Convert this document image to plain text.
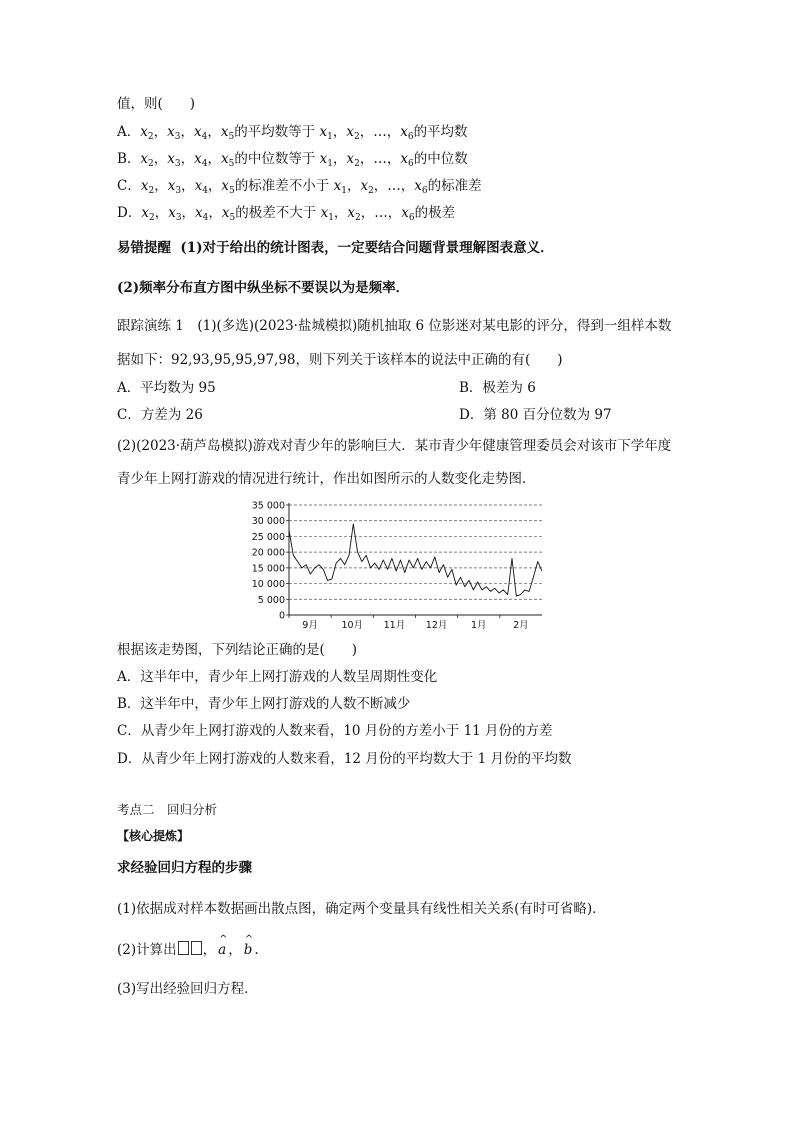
值，则(　　)
A．$x_2$，$x_3$，$x_4$，$x_5$的平均数等于 $x_1$，$x_2$，…，$x_6$的平均数
B．$x_2$，$x_3$，$x_4$，$x_5$的中位数等于 $x_1$，$x_2$，…，$x_6$的中位数
C．$x_2$，$x_3$，$x_4$，$x_5$的标准差不小于 $x_1$，$x_2$，…，$x_6$的标准差
D．$x_2$，$x_3$，$x_4$，$x_5$的极差不大于 $x_1$，$x_2$，…，$x_6$的极差
易错提醒 (1)对于给出的统计图表，一定要结合问题背景理解图表意义．
(2)频率分布直方图中纵坐标不要误以为是频率．
跟踪演练 1　(1)(多选)(2023·盐城模拟)随机抽取 6 位影迷对某电影的评分，得到一组样本数
据如下：92,93,95,95,97,98，则下列关于该样本的说法中正确的有(　　)
A．平均数为 95	B．极差为 6
C．方差为 26	D．第 80 百分位数为 97
(2)(2023·葫芦岛模拟)游戏对青少年的影响巨大．某市青少年健康管理委员会对该市下学年度
青少年上网打游戏的情况进行统计，作出如图所示的人数变化走势图．
0
5 000
10 000
15 000
20 000
25 000
30 000
35 000
9月 10月 11月 12月 1月	2月
根据该走势图，下列结论正确的是(　　)
A．这半年中，青少年上网打游戏的人数呈周期性变化
B．这半年中，青少年上网打游戏的人数不断减少
C．从青少年上网打游戏的人数来看，10 月份的方差小于 11 月份的方差
D．从青少年上网打游戏的人数来看，12 月份的平均数大于 1 月份的平均数
考点二　回归分析
【核心提炼】
求经验回归方程的步骤
(1)依据成对样本数据画出散点图，确定两个变量具有线性相关关系(有时可省略)．
(2)计算出 ， ^ a ， ^ b .
(3)写出经验回归方程．
